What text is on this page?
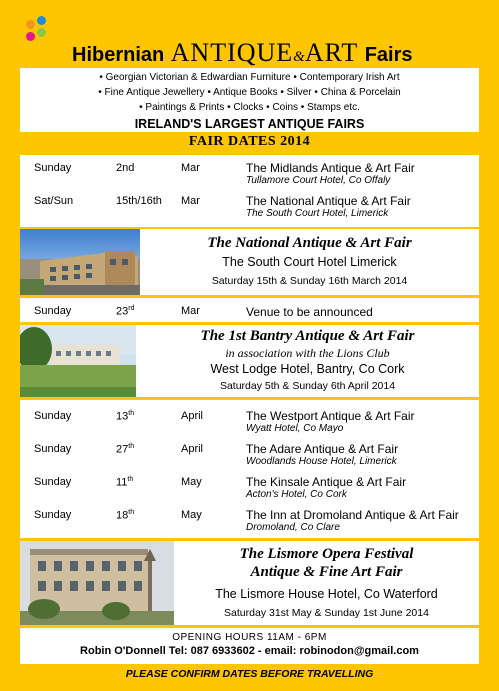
Hibernian ANTIQUE&ART Fairs
• Georgian Victorian & Edwardian Furniture • Contemporary Irish Art
• Fine Antique Jewellery • Antique Books • Silver • China & Porcelain
• Paintings & Prints • Clocks • Coins • Stamps etc.
IRELAND'S LARGEST ANTIQUE FAIRS
FAIR DATES 2014
Sunday	2nd	Mar	The Midlands Antique & Art Fair
Tullamore Court Hotel, Co Offaly
Sat/Sun	15th/16th Mar	The National Antique & Art Fair
The South Court Hotel, Limerick
The National Antique & Art Fair
The South Court Hotel Limerick
Saturday 15th & Sunday 16th March 2014
Sunday	23rd	Mar	Venue to be announced
The 1st Bantry Antique & Art Fair
in association with the Lions Club
West Lodge Hotel, Bantry, Co Cork
Saturday 5th & Sunday 6th April 2014
Sunday	13th	April	The Westport Antique & Art Fair
Wyatt Hotel, Co Mayo
Sunday	27th	April	The Adare Antique & Art Fair
Woodlands House Hotel, Limerick
Sunday	11th	May	The Kinsale Antique & Art Fair
Acton's Hotel, Co Cork
Sunday	18th	May	The Inn at Dromoland Antique & Art Fair
Dromoland, Co Clare
The Lismore Opera Festival
Antique & Fine Art Fair
The Lismore House Hotel, Co Waterford
Saturday 31st May & Sunday 1st June 2014
OPENING HOURS 11AM - 6PM
Robin O'Donnell Tel: 087 6933602 - email: robinodon@gmail.com
PLEASE CONFIRM DATES BEFORE TRAVELLING
